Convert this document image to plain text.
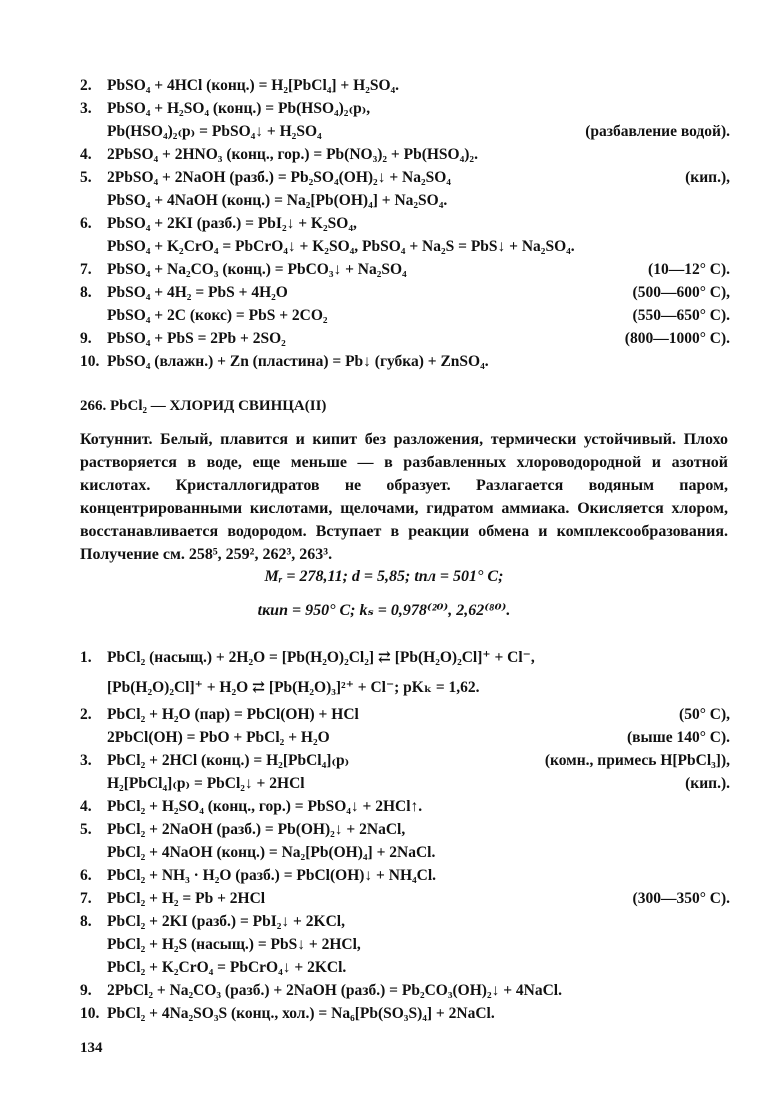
2. PbSO₄ + 4HCl (конц.) = H₂[PbCl₄] + H₂SO₄.
3. PbSO₄ + H₂SO₄ (конц.) = Pb(HSO₄)₂₍р₎,
Pb(HSO₄)₂₍р₎ = PbSO₄↓ + H₂SO₄	(разбавление водой).
4. 2PbSO₄ + 2HNO₃ (конц., гор.) = Pb(NO₃)₂ + Pb(HSO₄)₂.
5. 2PbSO₄ + 2NaOH (разб.) = Pb₂SO₄(OH)₂↓ + Na₂SO₄	(кип.),
PbSO₄ + 4NaOH (конц.) = Na₂[Pb(OH)₄] + Na₂SO₄.
6. PbSO₄ + 2KI (разб.) = PbI₂↓ + K₂SO₄,
PbSO₄ + K₂CrO₄ = PbCrO₄↓ + K₂SO₄, PbSO₄ + Na₂S = PbS↓ + Na₂SO₄.
7. PbSO₄ + Na₂CO₃ (конц.) = PbCO₃↓ + Na₂SO₄	(10—12° C).
8. PbSO₄ + 4H₂ = PbS + 4H₂O	(500—600° C),
PbSO₄ + 2C (кокс) = PbS + 2CO₂	(550—650° C).
9. PbSO₄ + PbS = 2Pb + 2SO₂	(800—1000° C).
10. PbSO₄ (влажн.) + Zn (пластина) = Pb↓ (губка) + ZnSO₄.
266. PbCl₂ — ХЛОРИД СВИНЦА(II)
Котуннит. Белый, плавится и кипит без разложения, термически устойчивый. Плохо растворяется в воде, еще меньше — в разбавленных хлороводородной и азотной кислотах. Кристаллогидратов не образует. Разлагается водяным паром, концентрированными кислотами, щелочами, гидратом аммиака. Окисляется хлором, восстанавливается водородом. Вступает в реакции обмена и комплексообразования. Получение см. 258⁵, 259², 262³, 263³.
Mᵣ = 278,11; d = 5,85; tпл = 501° C;
tкип = 950° C; kₛ = 0,978⁽²⁰⁾, 2,62⁽⁸⁰⁾.
1. PbCl₂ (насыщ.) + 2H₂O = [Pb(H₂O)₂Cl₂] ⇄ [Pb(H₂O)₂Cl]⁺ + Cl⁻,
[Pb(H₂O)₂Cl]⁺ + H₂O ⇄ [Pb(H₂O)₃]²⁺ + Cl⁻; pKₖ = 1,62.
2. PbCl₂ + H₂O (пар) = PbCl(OH) + HCl	(50° C),
2PbCl(OH) = PbO + PbCl₂ + H₂O	(выше 140° C).
3. PbCl₂ + 2HCl (конц.) = H₂[PbCl₄]₍р₎	(комн., примесь H[PbCl₃]),
H₂[PbCl₄]₍р₎ = PbCl₂↓ + 2HCl	(кип.).
4. PbCl₂ + H₂SO₄ (конц., гор.) = PbSO₄↓ + 2HCl↑.
5. PbCl₂ + 2NaOH (разб.) = Pb(OH)₂↓ + 2NaCl,
PbCl₂ + 4NaOH (конц.) = Na₂[Pb(OH)₄] + 2NaCl.
6. PbCl₂ + NH₃ · H₂O (разб.) = PbCl(OH)↓ + NH₄Cl.
7. PbCl₂ + H₂ = Pb + 2HCl	(300—350° C).
8. PbCl₂ + 2KI (разб.) = PbI₂↓ + 2KCl,
PbCl₂ + H₂S (насыщ.) = PbS↓ + 2HCl,
PbCl₂ + K₂CrO₄ = PbCrO₄↓ + 2KCl.
9. 2PbCl₂ + Na₂CO₃ (разб.) + 2NaOH (разб.) = Pb₂CO₃(OH)₂↓ + 4NaCl.
10. PbCl₂ + 4Na₂SO₃S (конц., хол.) = Na₆[Pb(SO₃S)₄] + 2NaCl.
134
